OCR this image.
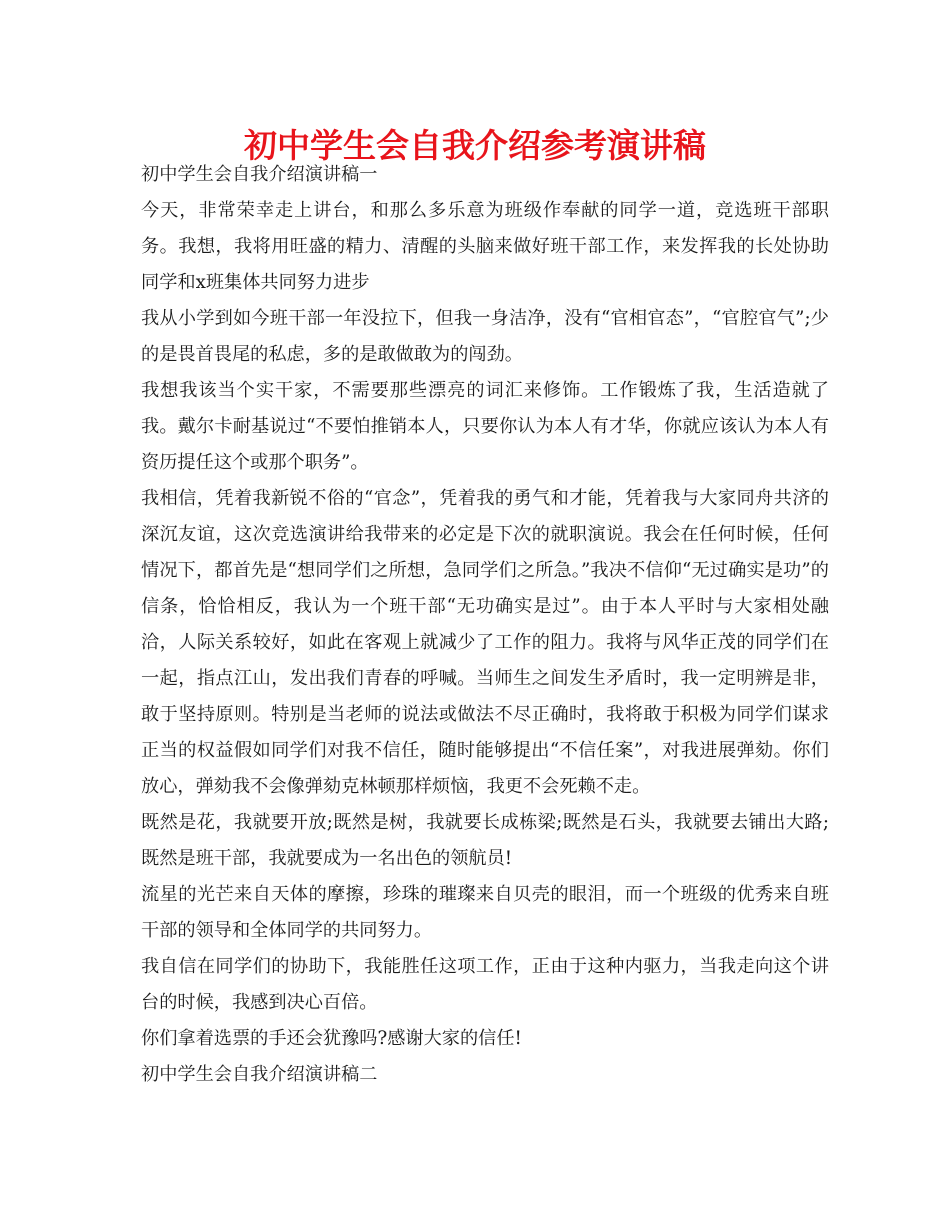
初中学生会自我介绍参考演讲稿

初中学生会自我介绍演讲稿一

今天，非常荣幸走上讲台，和那么多乐意为班级作奉献的同学一道，竞选班干部职务。我想，我将用旺盛的精力、清醒的头脑来做好班干部工作，来发挥我的长处协助同学和x班集体共同努力进步

我从小学到如今班干部一年没拉下，但我一身洁净，没有“官相官态”，“官腔官气”;少的是畏首畏尾的私虑，多的是敢做敢为的闯劲。

我想我该当个实干家，不需要那些漂亮的词汇来修饰。工作锻炼了我，生活造就了我。戴尔卡耐基说过“不要怕推销本人，只要你认为本人有才华，你就应该认为本人有资历提任这个或那个职务”。

我相信，凭着我新锐不俗的“官念”，凭着我的勇气和才能，凭着我与大家同舟共济的深沉友谊，这次竞选演讲给我带来的必定是下次的就职演说。我会在任何时候，任何情况下，都首先是“想同学们之所想，急同学们之所急。”我决不信仰“无过确实是功”的信条，恰恰相反，我认为一个班干部“无功确实是过”。由于本人平时与大家相处融洽，人际关系较好，如此在客观上就减少了工作的阻力。我将与风华正茂的同学们在一起，指点江山，发出我们青春的呼喊。当师生之间发生矛盾时，我一定明辨是非，敢于坚持原则。特别是当老师的说法或做法不尽正确时，我将敢于积极为同学们谋求正当的权益假如同学们对我不信任，随时能够提出“不信任案”，对我进展弹劾。你们放心，弹劾我不会像弹劾克林顿那样烦恼，我更不会死赖不走。

既然是花，我就要开放;既然是树，我就要长成栋梁;既然是石头，我就要去铺出大路;既然是班干部，我就要成为一名出色的领航员!

流星的光芒来自天体的摩擦，珍珠的璀璨来自贝壳的眼泪，而一个班级的优秀来自班干部的领导和全体同学的共同努力。

我自信在同学们的协助下，我能胜任这项工作，正由于这种内驱力，当我走向这个讲台的时候，我感到决心百倍。

你们拿着选票的手还会犹豫吗?感谢大家的信任!

初中学生会自我介绍演讲稿二
